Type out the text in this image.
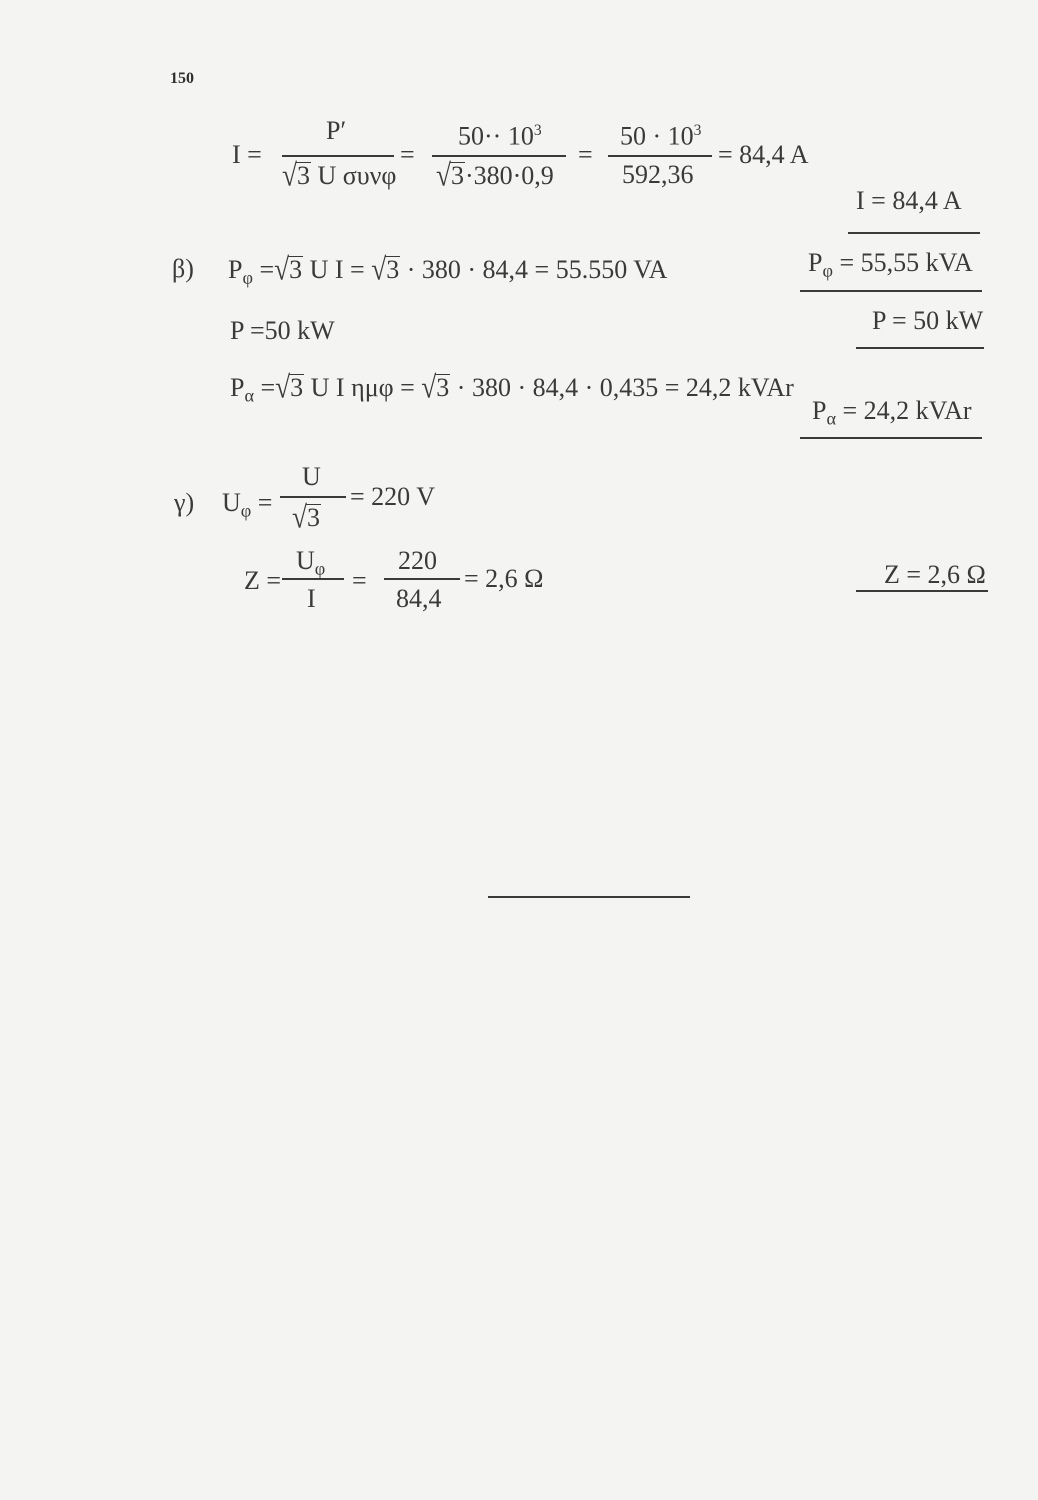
150
I =
P′
√3 U συνφ
=
$50\cdot\cdot 10^3$
√3·380·0,9
=
$50 \cdot 10^3$
592,36
= 84,4 A
I = 84,4 A
β) $P_\varphi =√3$ U I = √3 · 380 · 84,4 = 55.550 VA	$P_\varphi = 55,55$ kVA
P =50 kW	P = 50 kW
$P_\alpha =√3$ U I ημφ = √3 · 380 · 84,4 · 0,435 = 24,2 kVAr
$P_\alpha = 24,2$ kVAr
γ) $U_\varphi$ =
U
√3
= 220 V
Z =
$U_\varphi$
I
=
220
84,4
= 2,6 Ω	Z = 2,6 Ω
